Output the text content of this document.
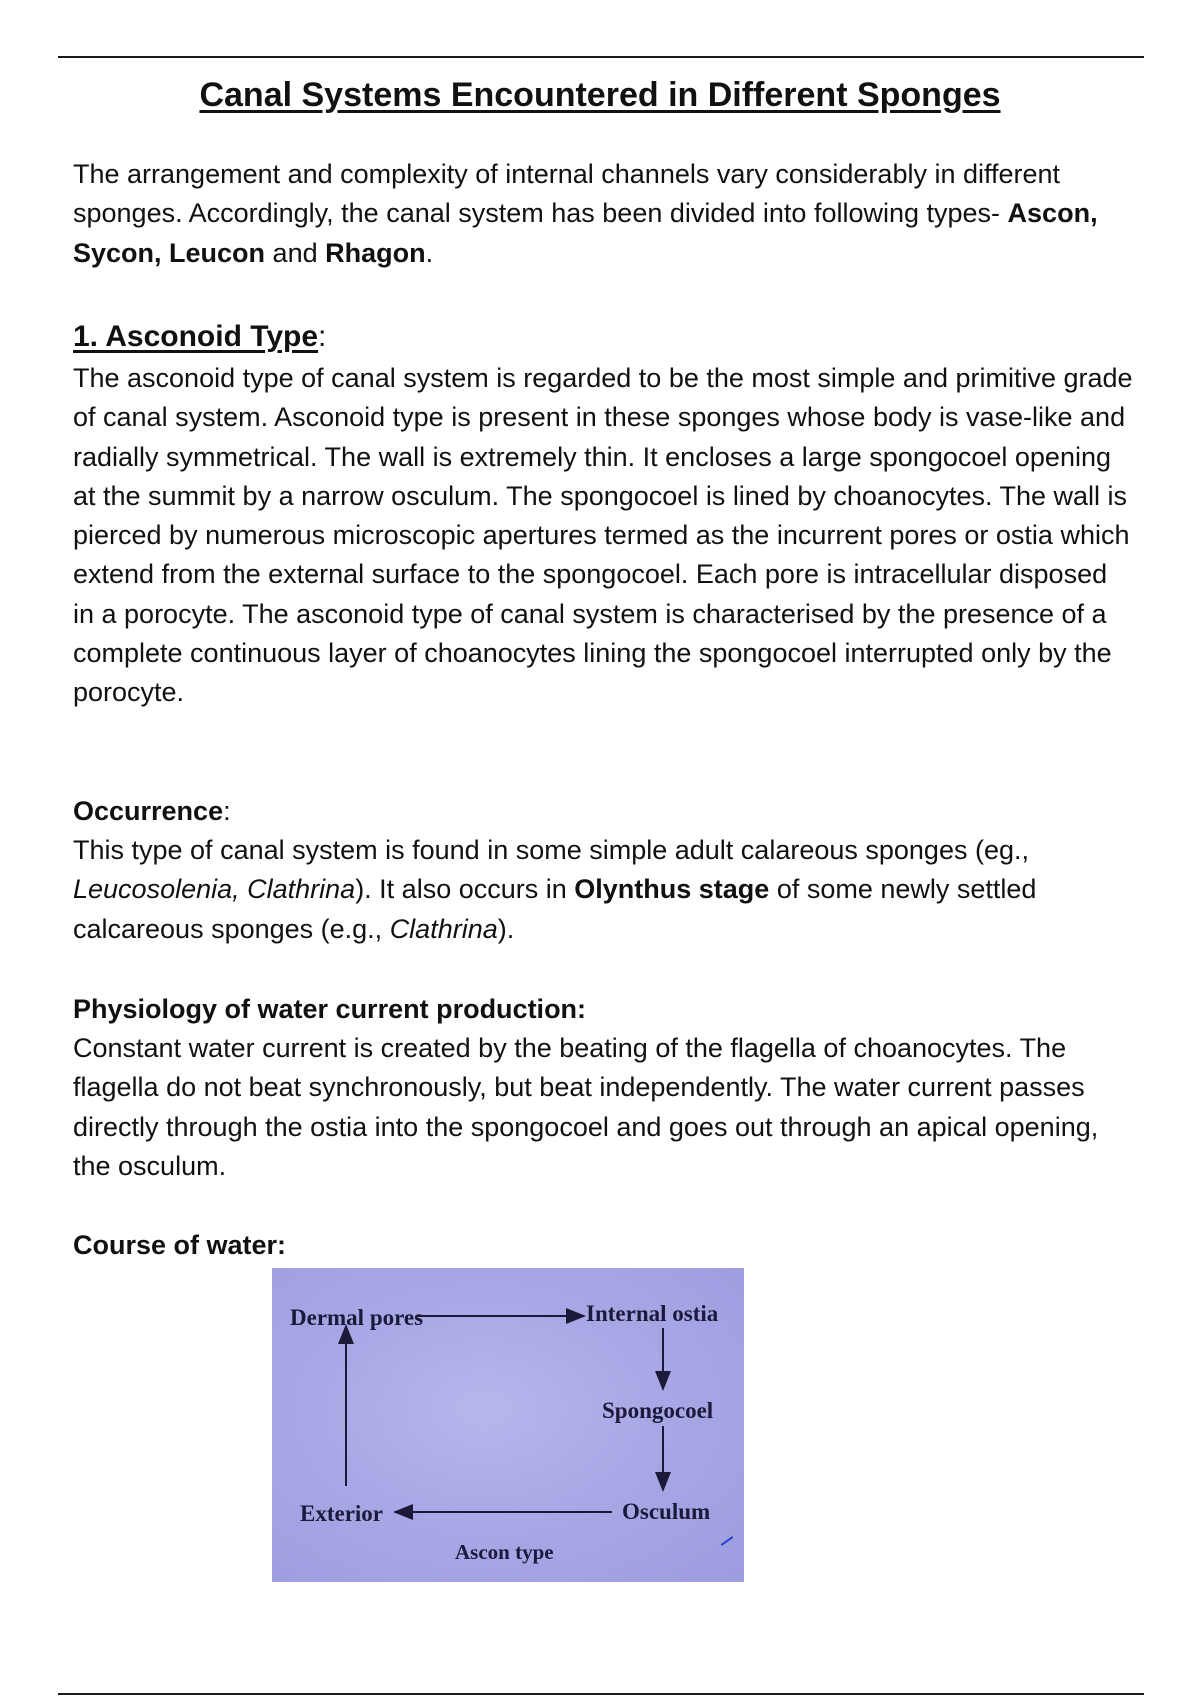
Canal Systems Encountered in Different Sponges

The arrangement and complexity of internal channels vary considerably in different sponges. Accordingly, the canal system has been divided into following types- Ascon, Sycon, Leucon and Rhagon.

1. Asconoid Type:

The asconoid type of canal system is regarded to be the most simple and primitive grade of canal system. Asconoid type is present in these sponges whose body is vase-like and radially symmetrical. The wall is extremely thin. It encloses a large spongocoel opening at the summit by a narrow osculum. The spongocoel is lined by choanocytes. The wall is pierced by numerous microscopic apertures termed as the incurrent pores or ostia which extend from the external surface to the spongocoel. Each pore is intracellular disposed in a porocyte. The asconoid type of canal system is characterised by the presence of a complete continuous layer of choanocytes lining the spongocoel interrupted only by the porocyte.

Occurrence:

This type of canal system is found in some simple adult calareous sponges (eg., Leucosolenia, Clathrina). It also occurs in Olynthus stage of some newly settled calcareous sponges (e.g., Clathrina).

Physiology of water current production:

Constant water current is created by the beating of the flagella of choanocytes. The flagella do not beat synchronously, but beat independently. The water current passes directly through the ostia into the spongocoel and goes out through an apical opening, the osculum.

Course of water:

Dermal pores	Internal ostia

Spongocoel

Exterior	Osculum

Ascon type
